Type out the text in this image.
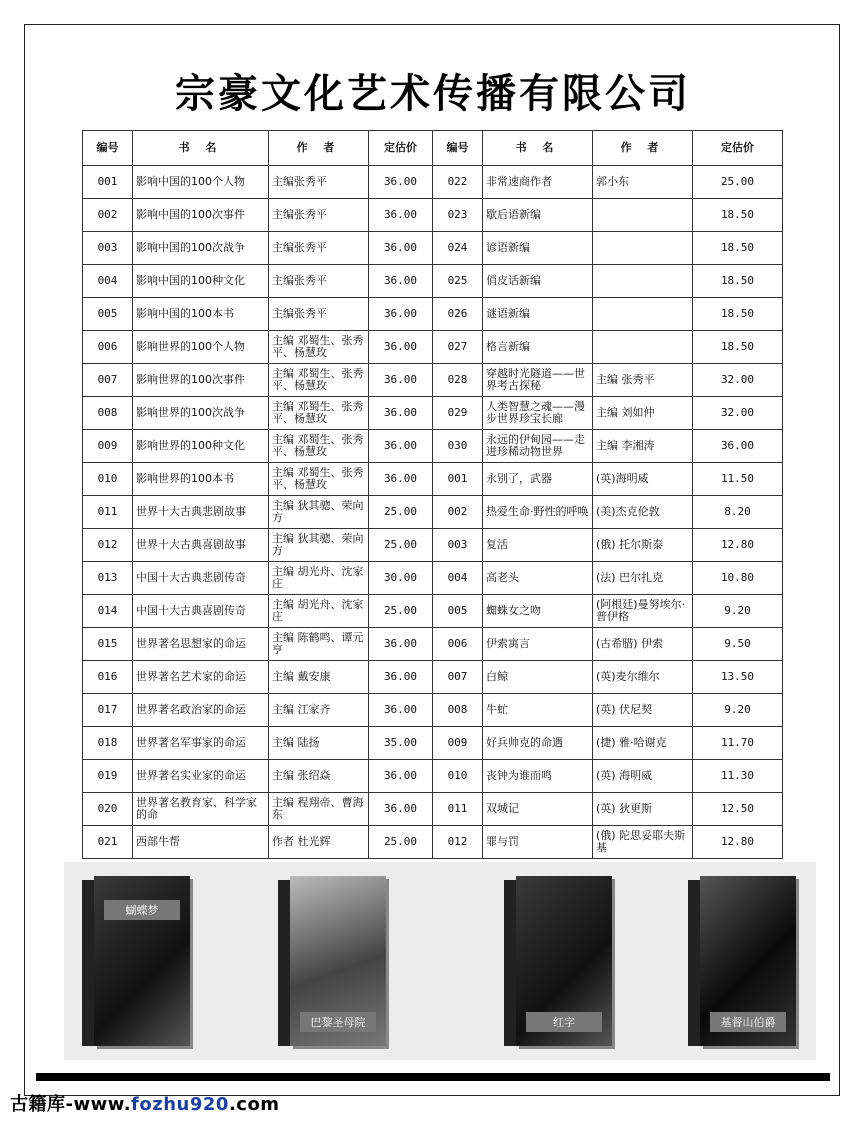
宗豪文化艺术传播有限公司
编号	书 名	作 者	定估价	编号	书 名	作 者	定估价
001	影响中国的100个人物	主编张秀平	36.00	022	非常速商作者	郭小东	25.00
002	影响中国的100次事件	主编张秀平	36.00	023	歇后语新编		18.50
003	影响中国的100次战争	主编张秀平	36.00	024	谚语新编		18.50
004	影响中国的100种文化	主编张秀平	36.00	025	俏皮话新编		18.50
005	影响中国的100本书	主编张秀平	36.00	026	谜语新编		18.50
006	影响世界的100个人物	主编 邓蜀生、张秀平、杨慧玫	36.00	027	格言新编		18.50
007	影响世界的100次事件	主编 邓蜀生、张秀平、杨慧玫	36.00	028	穿越时光隧道——世界考古探秘	主编 张秀平	32.00
008	影响世界的100次战争	主编 邓蜀生、张秀平、杨慧玫	36.00	029	人类智慧之魂——漫步世界珍宝长廊	主编 刘如仲	32.00
009	影响世界的100种文化	主编 邓蜀生、张秀平、杨慧玫	36.00	030	永远的伊甸园——走进珍稀动物世界	主编 李湘涛	36.00
010	影响世界的100本书	主编 邓蜀生、张秀平、杨慧玫	36.00	001	永别了，武器	(英)海明威	11.50
011	世界十大古典悲剧故事	主编 狄其骢、荣向方	25.00	002	热爱生命·野性的呼唤	(美)杰克伦敦	8.20
012	世界十大古典喜剧故事	主编 狄其骢、荣向方	25.00	003	复活	(俄) 托尔斯泰	12.80
013	中国十大古典悲剧传奇	主编 胡光舟、沈家庄	30.00	004	高老头	(法) 巴尔扎克	10.80
014	中国十大古典喜剧传奇	主编 胡光舟、沈家庄	25.00	005	蜘蛛女之吻	(阿根廷)曼努埃尔·普伊格	9.20
015	世界著名思想家的命运	主编 陈鹤鸣、谭元亨	36.00	006	伊索寓言	(古希腊) 伊索	9.50
016	世界著名艺术家的命运	主编 戴安康	36.00	007	白鲸	(英)麦尔维尔	13.50
017	世界著名政治家的命运	主编 江家齐	36.00	008	牛虻	(英) 伏尼契	9.20
018	世界著名军事家的命运	主编 陆扬	35.00	009	好兵帅克的命遇	(捷) 雅·哈谢克	11.70
019	世界著名实业家的命运	主编 张绍焱	36.00	010	丧钟为谁而鸣	(英) 海明威	11.30
020	世界著名教育家、科学家的命	主编 程翔帝、曹海东	36.00	011	双城记	(英) 狄更斯	12.50
021	西部牛帮	作者 杜光辉	25.00	012	罪与罚	(俄) 陀思妥耶夫斯基	12.80
蝴蝶梦
巴黎圣母院	红字	基督山伯爵
古籍库-www.fozhu920.com
